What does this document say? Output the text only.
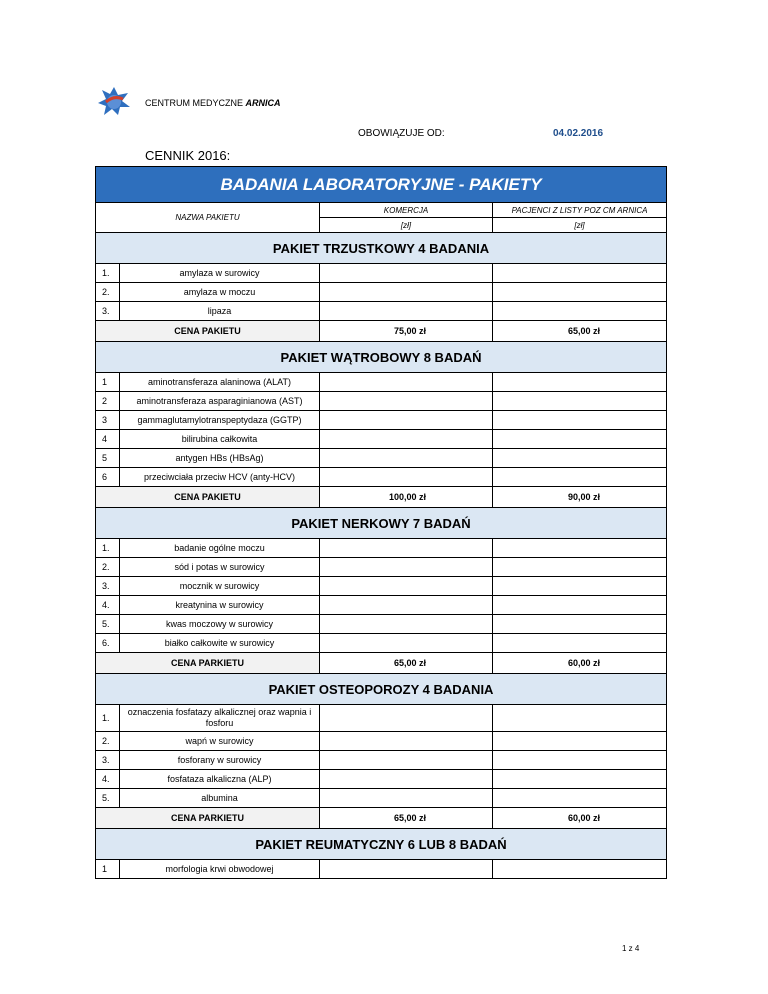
CENTRUM MEDYCZNE ARNICA
OBOWIĄZUJE OD:	04.02.2016
CENNIK 2016:
BADANIA LABORATORYJNE - PAKIETY			
NAZWA PAKIETU		KOMERCJA	PACJENCI Z LISTY POZ CM ARNICA
		[zł]	[zł]
PAKIET TRZUSTKOWY 4 BADANIA			
1.	amylaza w surowicy		
2.	amylaza w moczu		
3.	lipaza		
CENA PAKIETU		75,00 zł	65,00 zł
PAKIET WĄTROBOWY 8 BADAŃ			
1	aminotransferaza alaninowa (ALAT)		
2	aminotransferaza asparaginianowa (AST)		
3	gammaglutamylotranspeptydaza (GGTP)		
4	bilirubina całkowita		
5	antygen HBs (HBsAg)		
6	przeciwciała przeciw HCV (anty-HCV)		
CENA PAKIETU		100,00 zł	90,00 zł
PAKIET NERKOWY 7 BADAŃ			
1.	badanie ogólne moczu		
2.	sód i potas w surowicy		
3.	mocznik w surowicy		
4.	kreatynina w surowicy		
5.	kwas moczowy w surowicy		
6.	białko całkowite w surowicy		
CENA PARKIETU		65,00 zł	60,00 zł
PAKIET OSTEOPOROZY 4 BADANIA			
1.	oznaczenia fosfatazy alkalicznej oraz wapnia i fosforu		
2.	wapń w surowicy		
3.	fosforany w surowicy		
4.	fosfataza alkaliczna (ALP)		
5.	albumina		
CENA PARKIETU		65,00 zł	60,00 zł
PAKIET REUMATYCZNY 6 LUB 8 BADAŃ			
1	morfologia krwi obwodowej		
1 z 4
